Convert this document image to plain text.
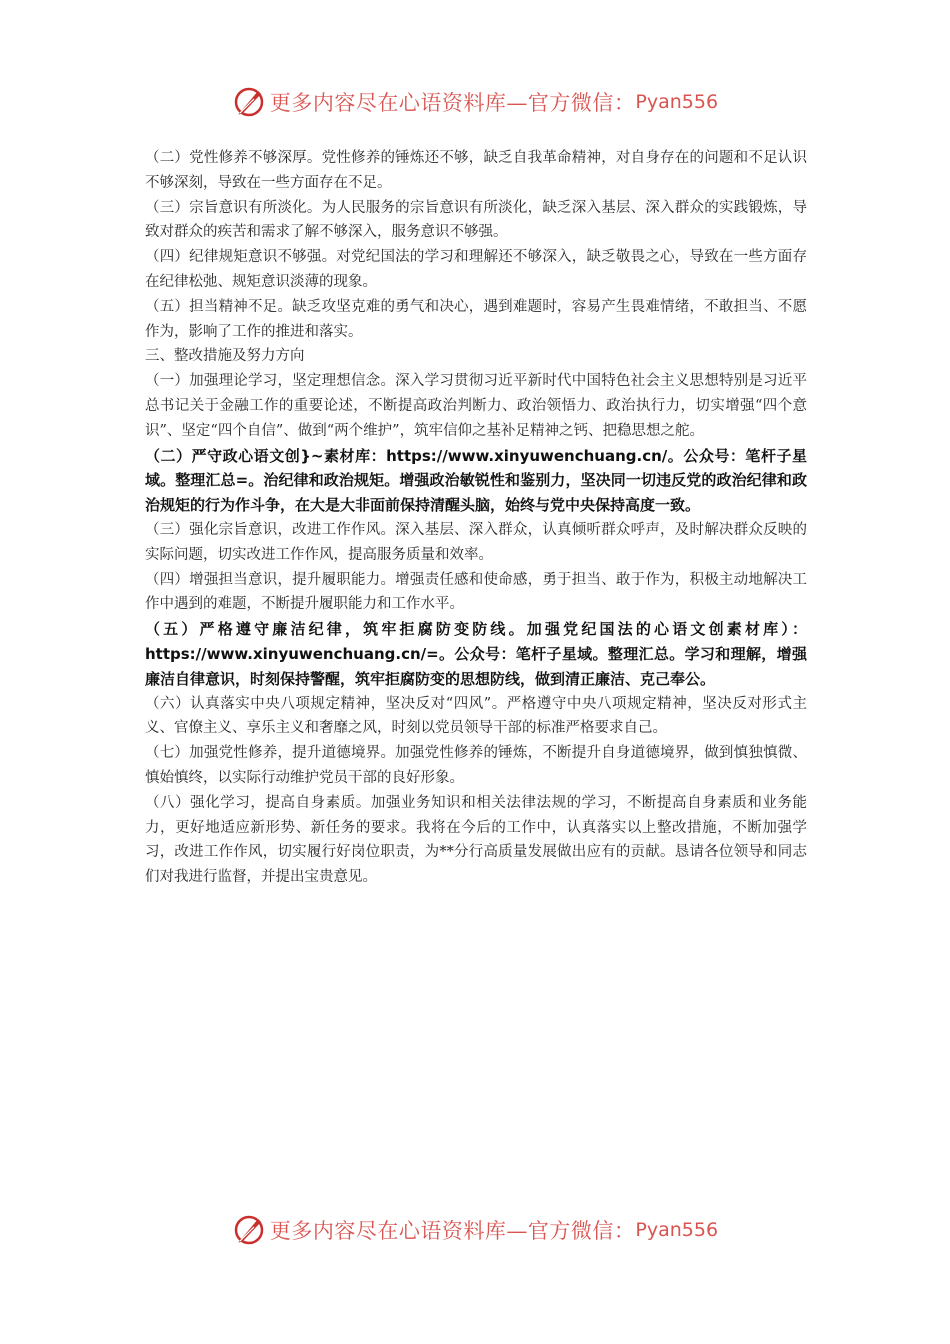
更多内容尽在心语资料库— 官方微信： Pyan556

（二）党性修养不够深厚。党性修养的锤炼还不够，缺乏自我革命精神，对自身存在的问题和不足认识不够深刻，导致在一些方面存在不足。

（三）宗旨意识有所淡化。为人民服务的宗旨意识有所淡化，缺乏深入基层、深入群众的实践锻炼，导致对群众的疾苦和需求了解不够深入，服务意识不够强。

（四）纪律规矩意识不够强。对党纪国法的学习和理解还不够深入，缺乏敬畏之心，导致在一些方面存在纪律松弛、规矩意识淡薄的现象。

（五）担当精神不足。缺乏攻坚克难的勇气和决心，遇到难题时，容易产生畏难情绪，不敢担当、不愿作为，影响了工作的推进和落实。

三、整改措施及努力方向

（一）加强理论学习，坚定理想信念。深入学习贯彻习近平新时代中国特色社会主义思想特别是习近平总书记关于金融工作的重要论述，不断提高政治判断力、政治领悟力、政治执行力，切实增强“四个意识”、坚定“四个自信”、做到“两个维护”，筑牢信仰之基补足精神之钙、把稳思想之舵。

（二）严守政心语文创}~素材库：https://www.xinyuwenchuang.cn/。公众号：笔杆子星域。整理汇总=。治纪律和政治规矩。增强政治敏锐性和鉴别力，坚决同一切违反党的政治纪律和政治规矩的行为作斗争，在大是大非面前保持清醒头脑，始终与党中央保持高度一致。

（三）强化宗旨意识，改进工作作风。深入基层、深入群众，认真倾听群众呼声，及时解决群众反映的实际问题，切实改进工作作风，提高服务质量和效率。

（四）增强担当意识，提升履职能力。增强责任感和使命感，勇于担当、敢于作为，积极主动地解决工作中遇到的难题，不断提升履职能力和工作水平。

（五）严格遵守廉洁纪律，筑牢拒腐防变防线。加强党纪国法的心语文创素材库）：https://www.xinyuwenchuang.cn/=。公众号：笔杆子星域。整理汇总。学习和理解，增强廉洁自律意识，时刻保持警醒，筑牢拒腐防变的思想防线，做到清正廉洁、克己奉公。

（六）认真落实中央八项规定精神，坚决反对“四风”。严格遵守中央八项规定精神，坚决反对形式主义、官僚主义、享乐主义和奢靡之风，时刻以党员领导干部的标准严格要求自己。

（七）加强党性修养，提升道德境界。加强党性修养的锤炼，不断提升自身道德境界，做到慎独慎微、慎始慎终，以实际行动维护党员干部的良好形象。

（八）强化学习，提高自身素质。加强业务知识和相关法律法规的学习，不断提高自身素质和业务能力，更好地适应新形势、新任务的要求。我将在今后的工作中，认真落实以上整改措施，不断加强学习，改进工作作风，切实履行好岗位职责，为**分行高质量发展做出应有的贡献。恳请各位领导和同志们对我进行监督，并提出宝贵意见。

更多内容尽在心语资料库— 官方微信： Pyan556
